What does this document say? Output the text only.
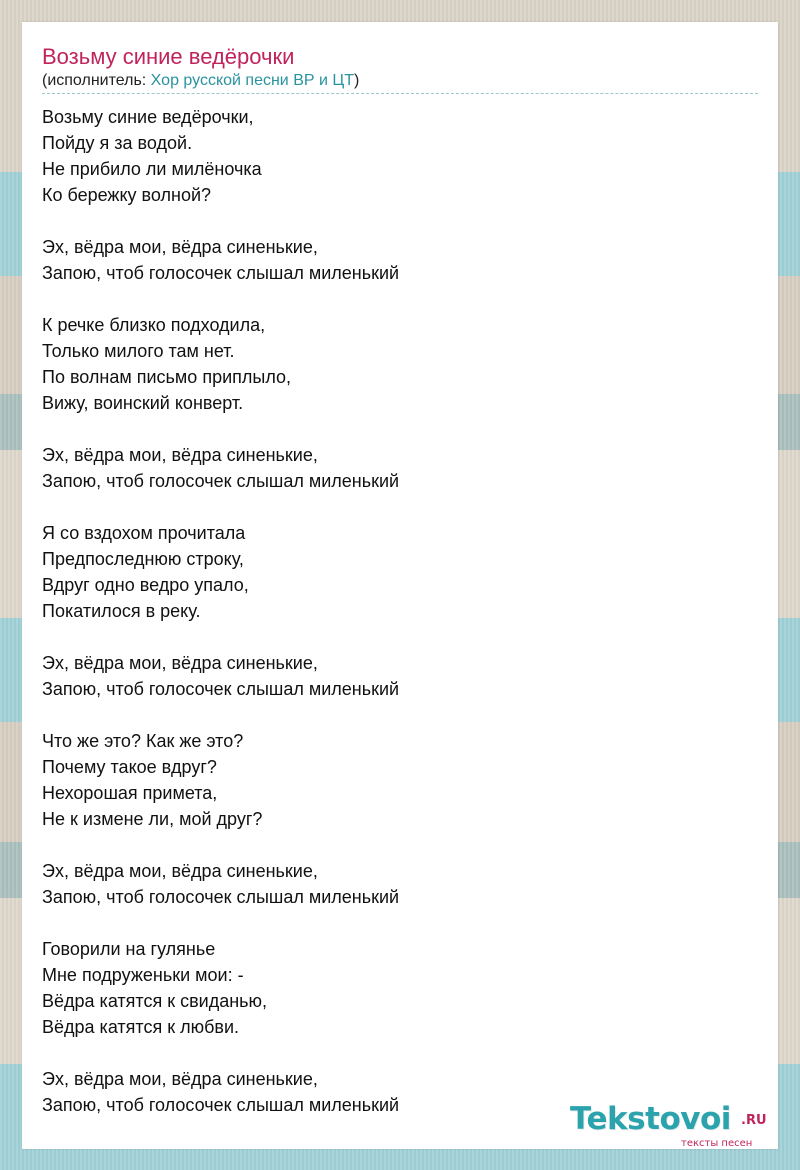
Возьму синие ведёрочки
(исполнитель: Хор русской песни ВР и ЦТ)
Возьму синие ведёрочки,
Пойду я за водой.
Не прибило ли милёночка
Ко бережку волной?
Эх, вёдра мои, вёдра синенькие,
Запою, чтоб голосочек слышал миленький
К речке близко подходила,
Только милого там нет.
По волнам письмо приплыло,
Вижу, воинский конверт.
Эх, вёдра мои, вёдра синенькие,
Запою, чтоб голосочек слышал миленький
Я со вздохом прочитала
Предпоследнюю строку,
Вдруг одно ведро упало,
Покатилося в реку.
Эх, вёдра мои, вёдра синенькие,
Запою, чтоб голосочек слышал миленький
Что же это? Как же это?
Почему такое вдруг?
Нехорошая примета,
Не к измене ли, мой друг?
Эх, вёдра мои, вёдра синенькие,
Запою, чтоб голосочек слышал миленький
Говорили на гулянье
Мне подруженьки мои: -
Вёдра катятся к свиданью,
Вёдра катятся к любви.
Эх, вёдра мои, вёдра синенькие,
Запою, чтоб голосочек слышал миленький	Tekstovoi .RU
тексты песен
